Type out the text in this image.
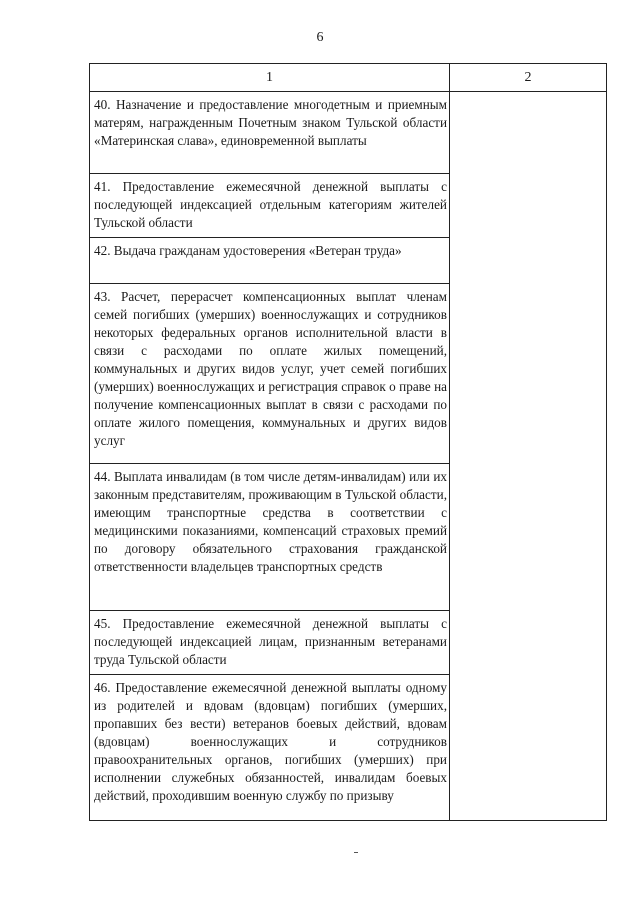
6
1	2
40. Назначение и предоставление многодетным и приемным матерям, награжденным Почетным знаком Тульской области «Материнская слава», единовременной выплаты
41. Предоставление ежемесячной денежной выплаты с последующей индексацией отдельным категориям жителей Тульской области
42. Выдача гражданам удостоверения «Ветеран труда»
43. Расчет, перерасчет компенсационных выплат членам семей погибших (умерших) военнослужащих и сотрудников некоторых федеральных органов исполнительной власти в связи с расходами по оплате жилых помещений, коммунальных и других видов услуг, учет семей погибших (умерших) военнослужащих и регистрация справок о праве на получение компенсационных выплат в связи с расходами по оплате жилого помещения, коммунальных и других видов услуг
44. Выплата инвалидам (в том числе детям-инвалидам) или их законным представителям, проживающим в Тульской области, имеющим транспортные средства в соответствии с медицинскими показаниями, компенсаций страховых премий по договору обязательного страхования гражданской ответственности владельцев транспортных средств
45. Предоставление ежемесячной денежной выплаты с последующей индексацией лицам, признанным ветеранами труда Тульской области
46. Предоставление ежемесячной денежной выплаты одному из родителей и вдовам (вдовцам) погибших (умерших, пропавших без вести) ветеранов боевых действий, вдовам (вдовцам) военнослужащих и сотрудников правоохранительных органов, погибших (умерших) при исполнении служебных обязанностей, инвалидам боевых действий, проходившим военную службу по призыву
